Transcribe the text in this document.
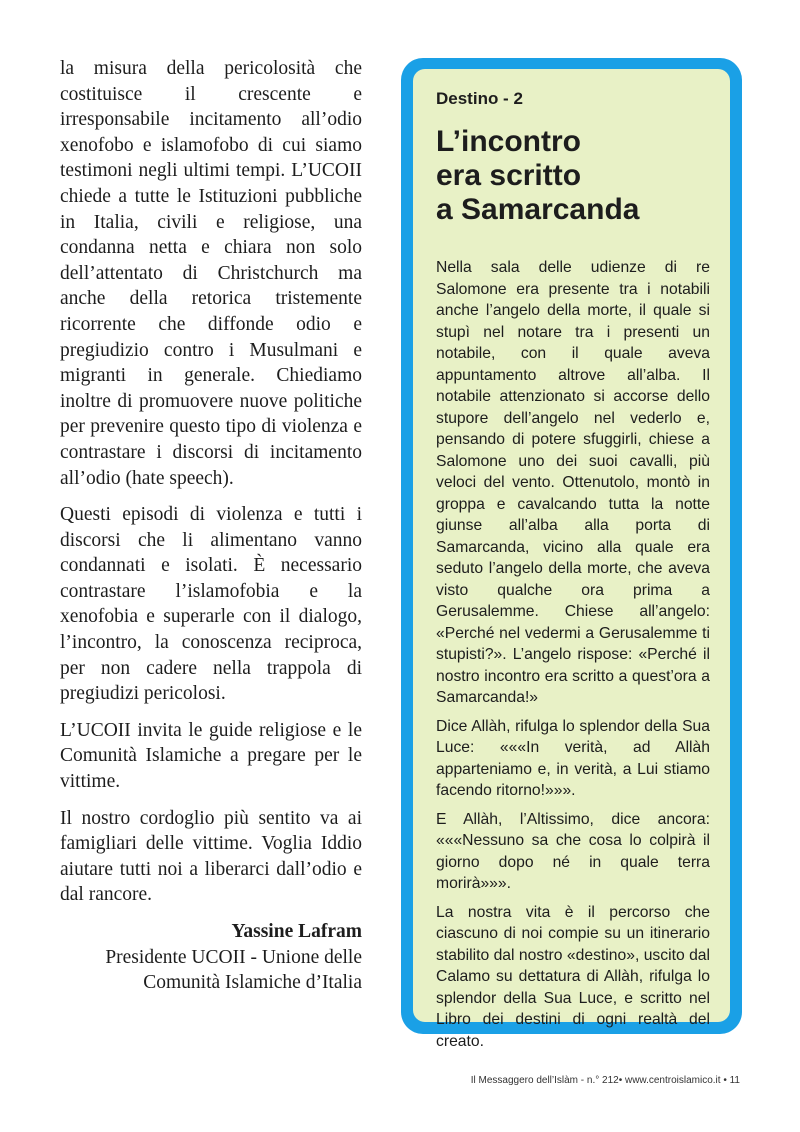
la misura della pericolosità che costituisce il crescente e irresponsabile incitamento all’odio xenofobo e islamofobo di cui siamo testimoni negli ultimi tempi. L’UCOII chiede a tutte le Istituzioni pubbliche in Italia, civili e religiose, una condanna netta e chiara non solo dell’attentato di Christchurch ma anche della retorica tristemente ricorrente che diffonde odio e pregiudizio contro i Musulmani e migranti in generale. Chiediamo inoltre di promuovere nuove politiche per prevenire questo tipo di violenza e contrastare i discorsi di incitamento all’odio (hate speech).

Questi episodi di violenza e tutti i discorsi che li alimentano vanno condannati e isolati. È necessario contrastare l’islamofobia e la xenofobia e superarle con il dialogo, l’incontro, la conoscenza reciproca, per non cadere nella trappola di pregiudizi pericolosi.

L’UCOII invita le guide religiose e le Comunità Islamiche a pregare per le vittime.

Il nostro cordoglio più sentito va ai famigliari delle vittime. Voglia Iddio aiutare tutti noi a liberarci dall’odio e dal rancore.

Yassine Lafram
Presidente UCOII - Unione delle
Comunità Islamiche d’Italia
Destino - 2
L’incontro
era scritto
a Samarcanda

Nella sala delle udienze di re Salomone era presente tra i notabili anche l’angelo della morte, il quale si stupì nel notare tra i presenti un notabile, con il quale aveva appuntamento altrove all’alba. Il notabile attenzionato si accorse dello stupore dell’angelo nel vederlo e, pensando di potere sfuggirli, chiese a Salomone uno dei suoi cavalli, più veloci del vento. Ottenutolo, montò in groppa e cavalcando tutta la notte giunse all’alba alla porta di Samarcanda, vicino alla quale era seduto l’angelo della morte, che aveva visto qualche ora prima a Gerusalemme. Chiese all’angelo: «Perché nel vedermi a Gerusalemme ti stupisti?». L’angelo rispose: «Perché il nostro incontro era scritto a quest’ora a Samarcanda!»

Dice Allàh, rifulga lo splendor della Sua Luce: «««In verità, ad Allàh apparteniamo e, in verità, a Lui stiamo facendo ritorno!»»».

E Allàh, l’Altissimo, dice ancora: «««Nessuno sa che cosa lo colpirà il giorno dopo né in quale terra morirà»»».

La nostra vita è il percorso che ciascuno di noi compie su un itinerario stabilito dal nostro «destino», uscito dal Calamo su dettatura di Allàh, rifulga lo splendor della Sua Luce, e scritto nel Libro dei destini di ogni realtà del creato.

Il Messaggero dell’Islàm - n.° 212• www.centroislamico.it • 11
